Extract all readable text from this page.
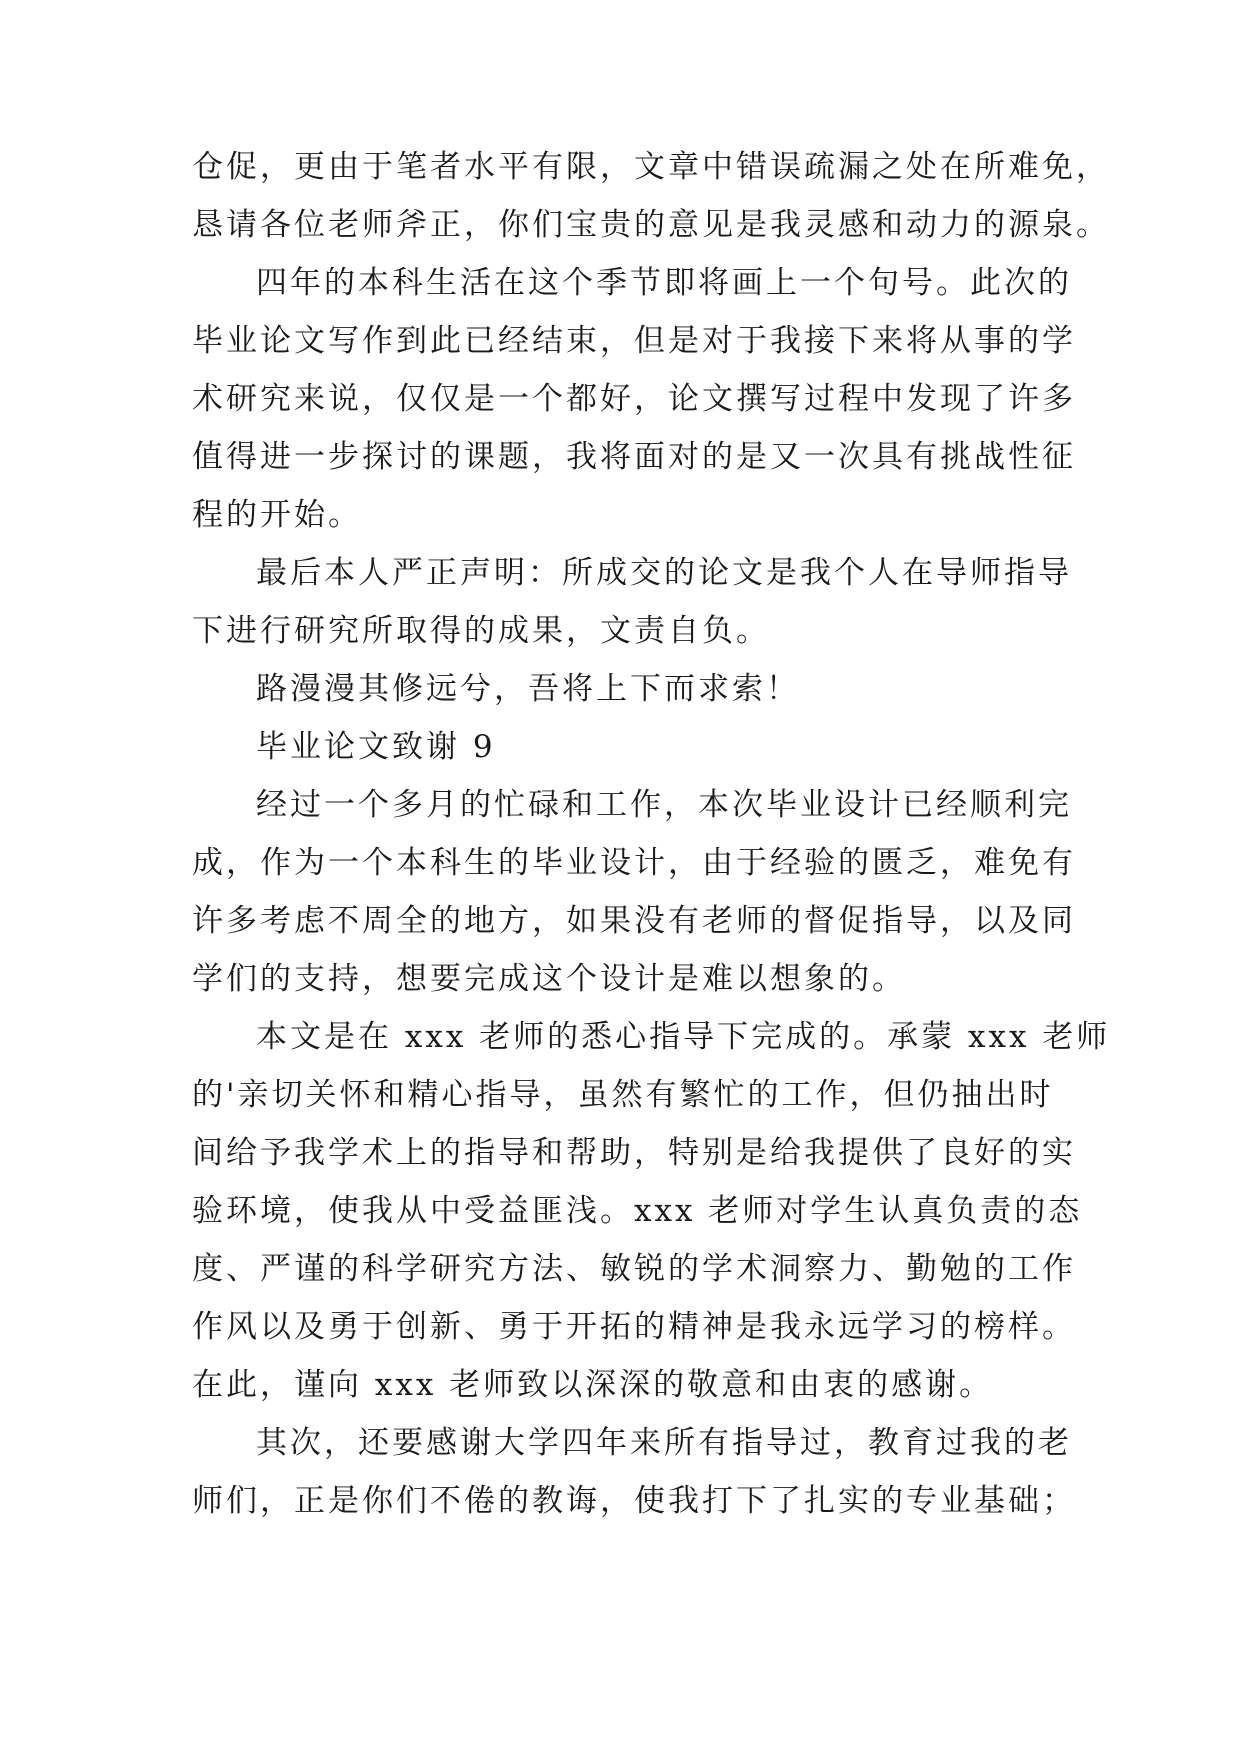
仓促，更由于笔者水平有限，文章中错误疏漏之处在所难免，
恳请各位老师斧正，你们宝贵的意见是我灵感和动力的源泉。
四年的本科生活在这个季节即将画上一个句号。此次的
毕业论文写作到此已经结束，但是对于我接下来将从事的学
术研究来说，仅仅是一个都好，论文撰写过程中发现了许多
值得进一步探讨的课题，我将面对的是又一次具有挑战性征
程的开始。
最后本人严正声明：所成交的论文是我个人在导师指导
下进行研究所取得的成果，文责自负。
路漫漫其修远兮，吾将上下而求索！
毕业论文致谢 9
经过一个多月的忙碌和工作，本次毕业设计已经顺利完
成，作为一个本科生的毕业设计，由于经验的匮乏，难免有
许多考虑不周全的地方，如果没有老师的督促指导，以及同
学们的支持，想要完成这个设计是难以想象的。
本文是在 xxx 老师的悉心指导下完成的。承蒙 xxx 老师
的'亲切关怀和精心指导，虽然有繁忙的工作，但仍抽出时
间给予我学术上的指导和帮助，特别是给我提供了良好的实
验环境，使我从中受益匪浅。xxx 老师对学生认真负责的态
度、严谨的科学研究方法、敏锐的学术洞察力、勤勉的工作
作风以及勇于创新、勇于开拓的精神是我永远学习的榜样。
在此，谨向 xxx 老师致以深深的敬意和由衷的感谢。
其次，还要感谢大学四年来所有指导过，教育过我的老
师们，正是你们不倦的教诲，使我打下了扎实的专业基础；
